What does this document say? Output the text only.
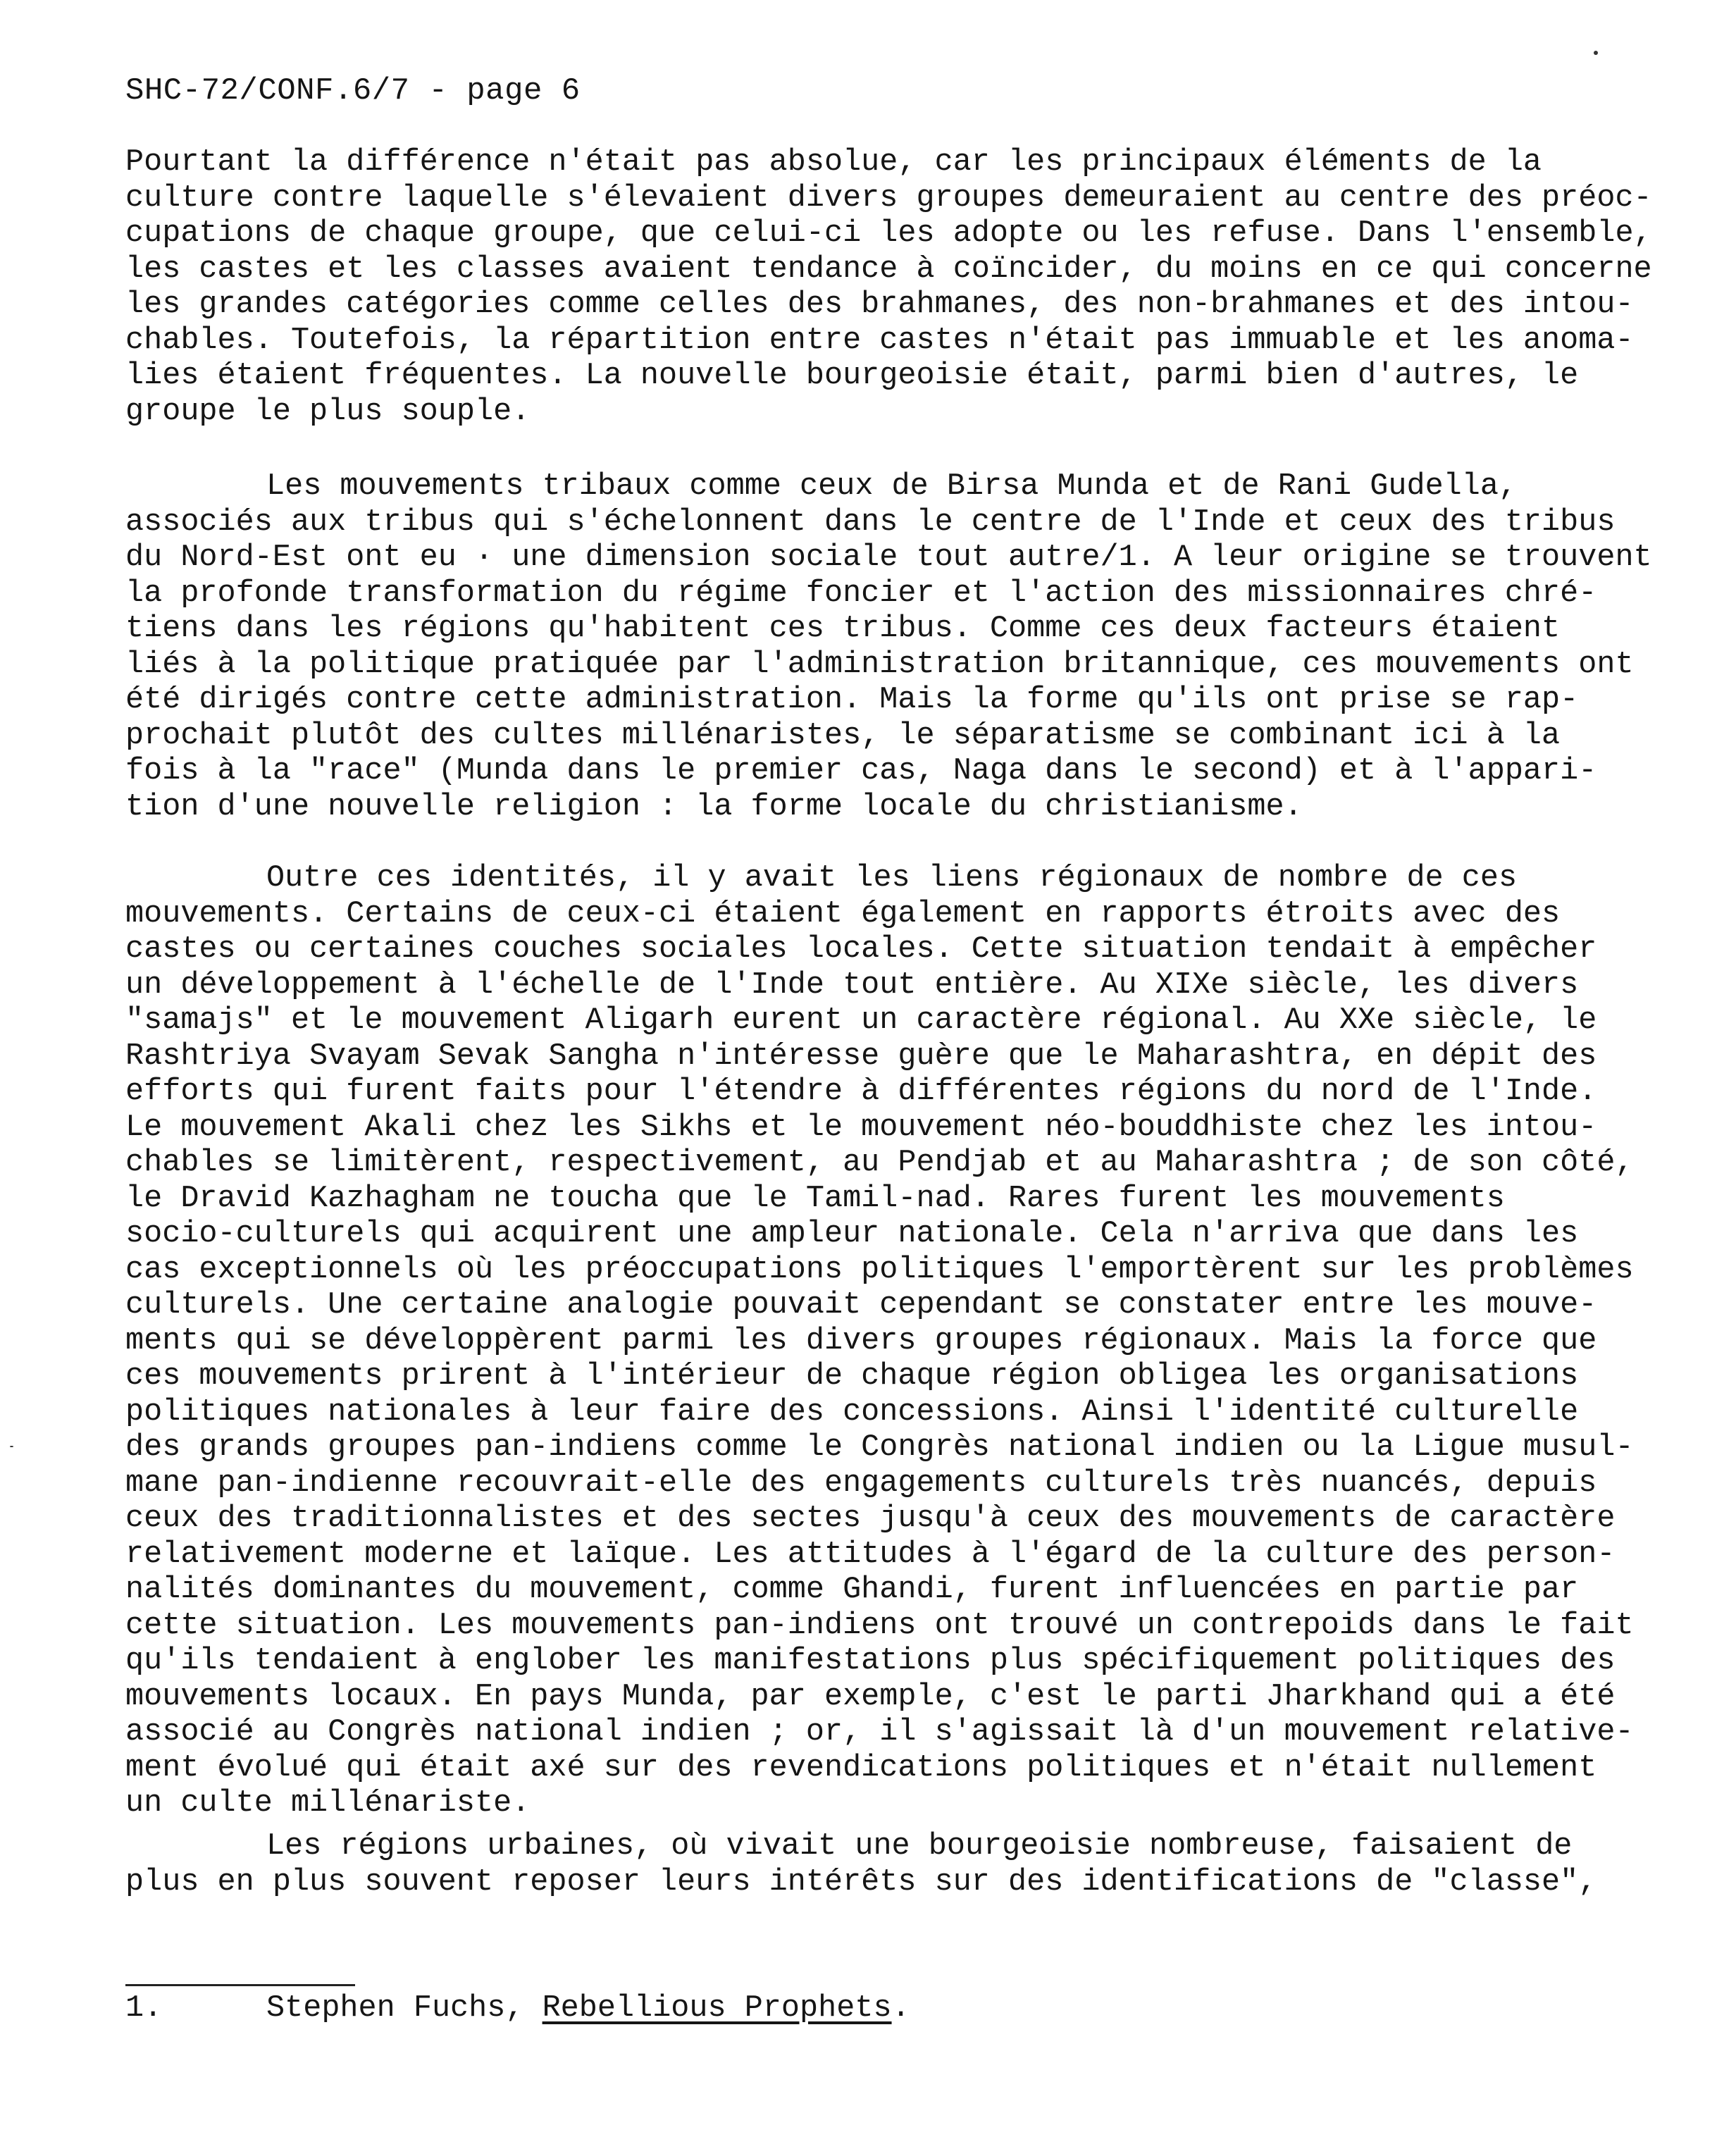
SHC-72/CONF.6/7 - page 6
Pourtant la différence n'était pas absolue, car les principaux éléments de la
culture contre laquelle s'élevaient divers groupes demeuraient au centre des préoc-
cupations de chaque groupe, que celui-ci les adopte ou les refuse. Dans l'ensemble,
les castes et les classes avaient tendance à coïncider, du moins en ce qui concerne
les grandes catégories comme celles des brahmanes, des non-brahmanes et des intou-
chables. Toutefois, la répartition entre castes n'était pas immuable et les anoma-
lies étaient fréquentes. La nouvelle bourgeoisie était, parmi bien d'autres, le
groupe le plus souple.
Les mouvements tribaux comme ceux de Birsa Munda et de Rani Gudella,
associés aux tribus qui s'échelonnent dans le centre de l'Inde et ceux des tribus
du Nord-Est ont eu · une dimension sociale tout autre/1. A leur origine se trouvent
la profonde transformation du régime foncier et l'action des missionnaires chré-
tiens dans les régions qu'habitent ces tribus. Comme ces deux facteurs étaient
liés à la politique pratiquée par l'administration britannique, ces mouvements ont
été dirigés contre cette administration. Mais la forme qu'ils ont prise se rap-
prochait plutôt des cultes millénaristes, le séparatisme se combinant ici à la
fois à la "race" (Munda dans le premier cas, Naga dans le second) et à l'appari-
tion d'une nouvelle religion : la forme locale du christianisme.
Outre ces identités, il y avait les liens régionaux de nombre de ces
mouvements. Certains de ceux-ci étaient également en rapports étroits avec des
castes ou certaines couches sociales locales. Cette situation tendait à empêcher
un développement à l'échelle de l'Inde tout entière. Au XIXe siècle, les divers
"samajs" et le mouvement Aligarh eurent un caractère régional. Au XXe siècle, le
Rashtriya Svayam Sevak Sangha n'intéresse guère que le Maharashtra, en dépit des
efforts qui furent faits pour l'étendre à différentes régions du nord de l'Inde.
Le mouvement Akali chez les Sikhs et le mouvement néo-bouddhiste chez les intou-
chables se limitèrent, respectivement, au Pendjab et au Maharashtra ; de son côté,
le Dravid Kazhagham ne toucha que le Tamil-nad. Rares furent les mouvements
socio-culturels qui acquirent une ampleur nationale. Cela n'arriva que dans les
cas exceptionnels où les préoccupations politiques l'emportèrent sur les problèmes
culturels. Une certaine analogie pouvait cependant se constater entre les mouve-
ments qui se développèrent parmi les divers groupes régionaux. Mais la force que
ces mouvements prirent à l'intérieur de chaque région obligea les organisations
politiques nationales à leur faire des concessions. Ainsi l'identité culturelle
des grands groupes pan-indiens comme le Congrès national indien ou la Ligue musul-
mane pan-indienne recouvrait-elle des engagements culturels très nuancés, depuis
ceux des traditionnalistes et des sectes jusqu'à ceux des mouvements de caractère
relativement moderne et laïque. Les attitudes à l'égard de la culture des person-
nalités dominantes du mouvement, comme Ghandi, furent influencées en partie par
cette situation. Les mouvements pan-indiens ont trouvé un contrepoids dans le fait
qu'ils tendaient à englober les manifestations plus spécifiquement politiques des
mouvements locaux. En pays Munda, par exemple, c'est le parti Jharkhand qui a été
associé au Congrès national indien ; or, il s'agissait là d'un mouvement relative-
ment évolué qui était axé sur des revendications politiques et n'était nullement
un culte millénariste.
Les régions urbaines, où vivait une bourgeoisie nombreuse, faisaient de
plus en plus souvent reposer leurs intérêts sur des identifications de "classe",
1.	Stephen Fuchs, Rebellious Prophets.
